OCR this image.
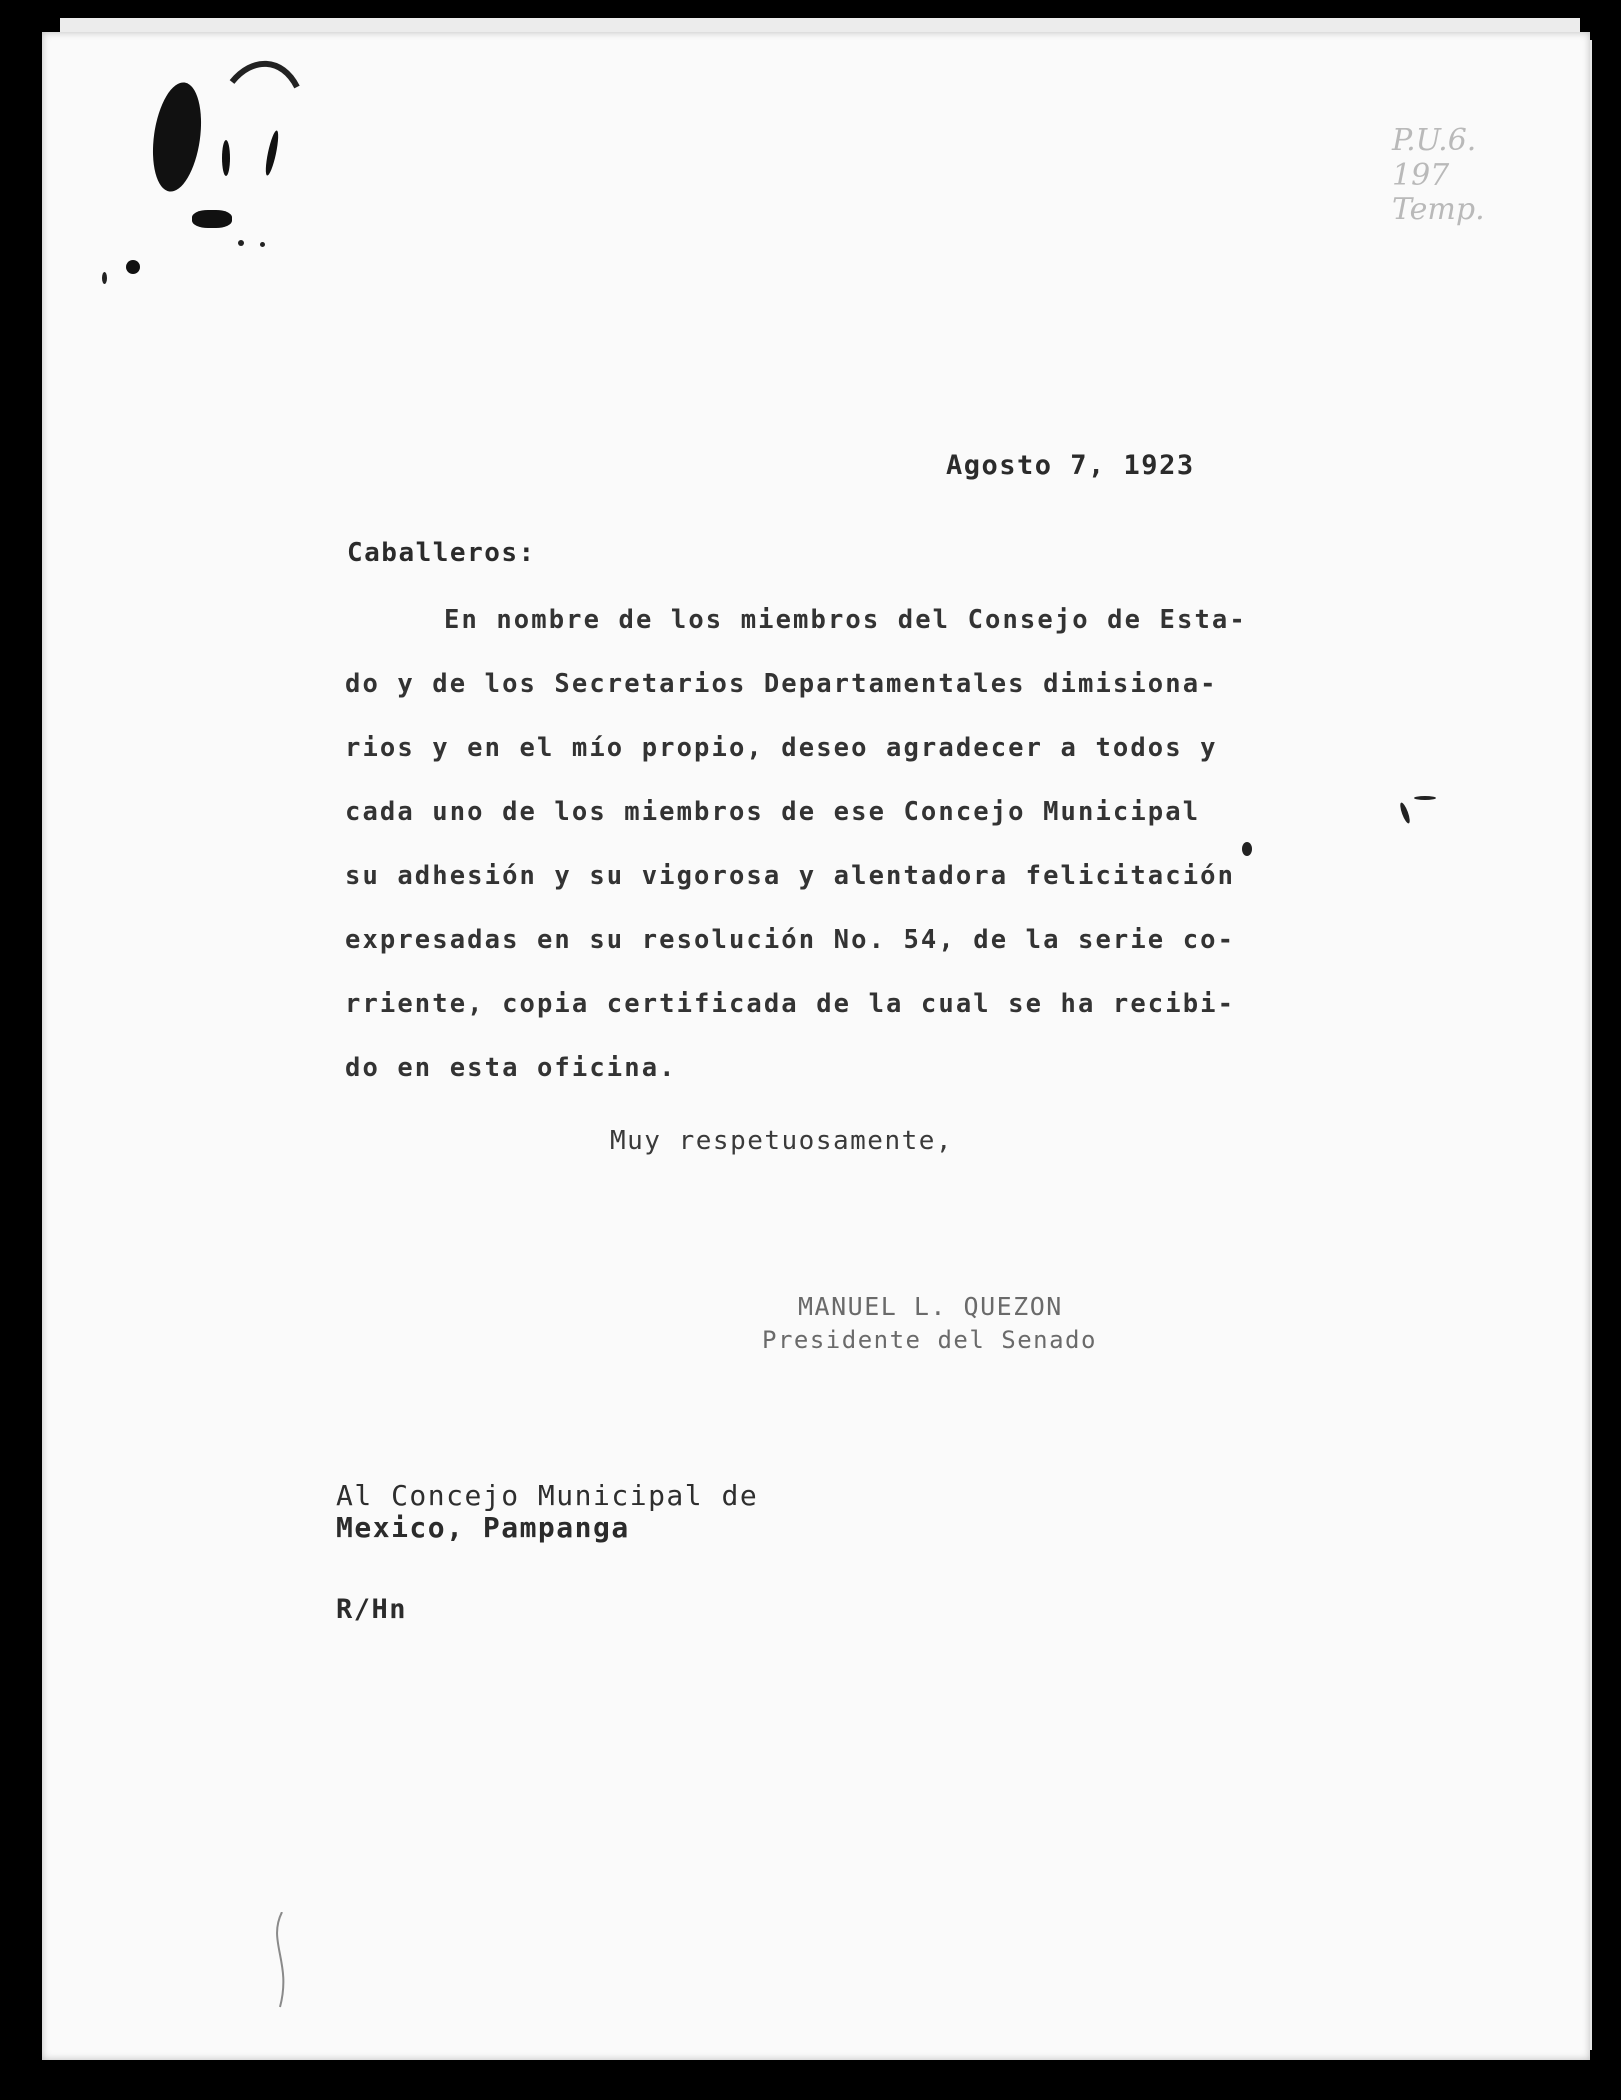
P.U.6.
197
Temp.
Agosto 7, 1923
Caballeros:
En nombre de los miembros del Consejo de Esta-
do y de los Secretarios Departamentales dimisiona-
rios y en el mío propio, deseo agradecer a todos y
cada uno de los miembros de ese Concejo Municipal
su adhesión y su vigorosa y alentadora felicitación
expresadas en su resolución No. 54, de la serie co-
rriente, copia certificada de la cual se ha recibi-
do en esta oficina.
Muy respetuosamente,
MANUEL L. QUEZON
Presidente del Senado
Al Concejo Municipal de
Mexico, Pampanga
R/Hn
